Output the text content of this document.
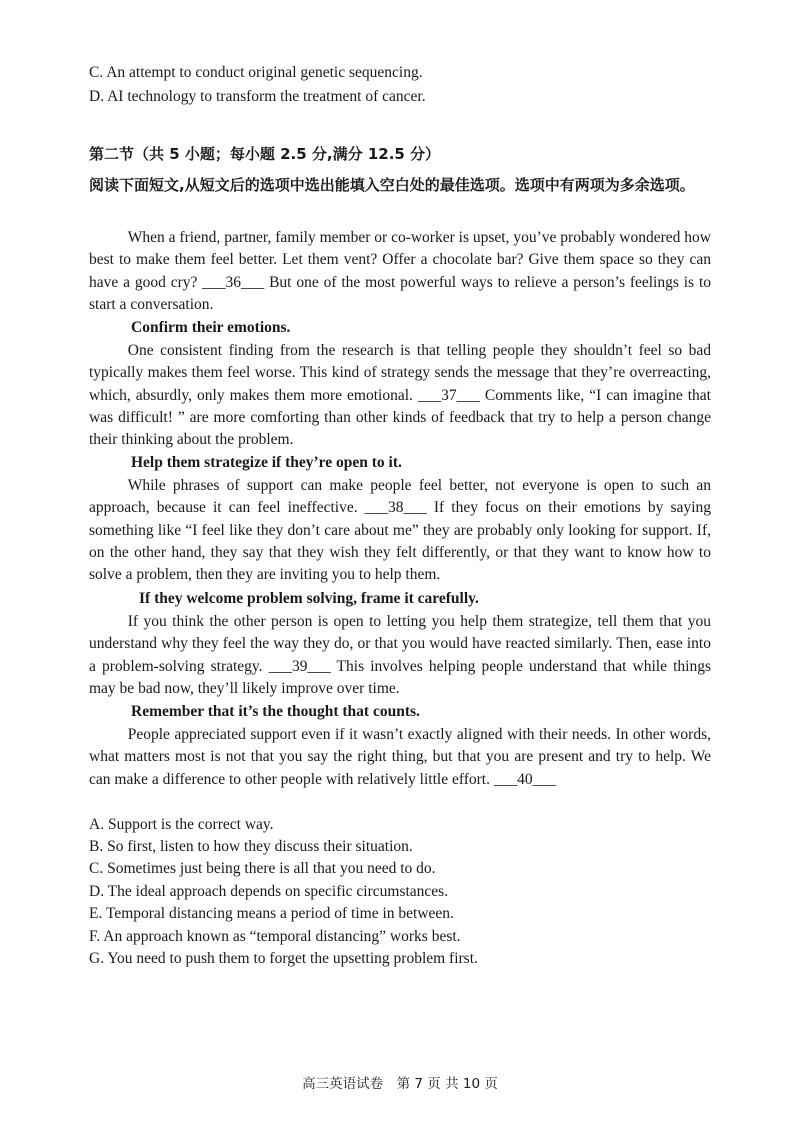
C. An attempt to conduct original genetic sequencing.
D. AI technology to transform the treatment of cancer.
第二节（共 5 小题；每小题 2.5 分,满分 12.5 分）
阅读下面短文,从短文后的选项中选出能填入空白处的最佳选项。选项中有两项为多余选项。

When a friend, partner, family member or co-worker is upset, you’ve probably wondered how best to make them feel better. Let them vent? Offer a chocolate bar? Give them space so they can have a good cry? ___36___ But one of the most powerful ways to relieve a person’s feelings is to start a conversation.

Confirm their emotions.

One consistent finding from the research is that telling people they shouldn’t feel so bad typically makes them feel worse. This kind of strategy sends the message that they’re overreacting, which, absurdly, only makes them more emotional. ___37___ Comments like, “I can imagine that was difficult! ” are more comforting than other kinds of feedback that try to help a person change their thinking about the problem.

Help them strategize if they’re open to it.

While phrases of support can make people feel better, not everyone is open to such an approach, because it can feel ineffective. ___38___ If they focus on their emotions by saying something like “I feel like they don’t care about me” they are probably only looking for support. If, on the other hand, they say that they wish they felt differently, or that they want to know how to solve a problem, then they are inviting you to help them.

If they welcome problem solving, frame it carefully.

If you think the other person is open to letting you help them strategize, tell them that you understand why they feel the way they do, or that you would have reacted similarly. Then, ease into a problem-solving strategy. ___39___ This involves helping people understand that while things may be bad now, they’ll likely improve over time.

Remember that it’s the thought that counts.

People appreciated support even if it wasn’t exactly aligned with their needs. In other words, what matters most is not that you say the right thing, but that you are present and try to help. We can make a difference to other people with relatively little effort. ___40___

A. Support is the correct way.
B. So first, listen to how they discuss their situation.
C. Sometimes just being there is all that you need to do.
D. The ideal approach depends on specific circumstances.
E. Temporal distancing means a period of time in between.
F. An approach known as “temporal distancing” works best.
G. You need to push them to forget the upsetting problem first.
高三英语试卷　第 7 页 共 10 页
